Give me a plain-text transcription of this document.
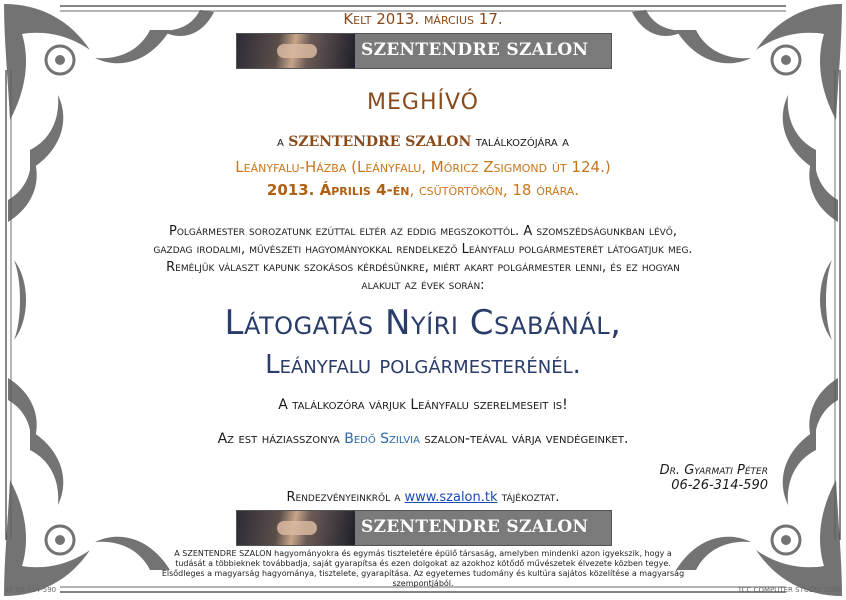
Kelt 2013. március 17.
SZENTENDRE SZALON
MEGHÍVÓ
a SZENTENDRE SZALON találkozójára a
Leányfalu-Házba (Leányfalu, Móricz Zsigmond út 124.)
2013. Április 4-én, csütörtökön, 18 órára.
Polgármester sorozatunk ezúttal eltér az eddig megszokottól. A szomszédságunkban lévő,
gazdag irodalmi, művészeti hagyományokkal rendelkező Leányfalu polgármesterét látogatjuk meg.
Reméljük választ kapunk szokásos kérdésünkre, miért akart polgármester lenni, és ez hogyan
alakult az évek során:
Látogatás Nyíri Csabánál,
Leányfalu polgármesterénél.
A találkozóra várjuk Leányfalu szerelmeseit is!
Az est háziasszonya Bedő Szilvia szalon-teával várja vendégeinket.
Dr. Gyarmati Péter
06-26-314-590
Rendezvényeinkről a www.szalon.tk tájékoztat.
SZENTENDRE SZALON
A SZENTENDRE SZALON hagyományokra és egymás tiszteletére épülő társaság, amelyben mindenki azon igyekszik, hogy a tudását a többieknek továbbadja, saját gyarapítsa és ezen dolgokat az azokhoz kötődő művészetek élvezete közben tegye. Elsődleges a magyarság hagyománya, tisztelete, gyarapítása. Az egyetemes tudomány és kultúra sajátos közelítése a magyarság szempontjából.
06-26-314-590	TCC COMPUTER STUDIO 2008
